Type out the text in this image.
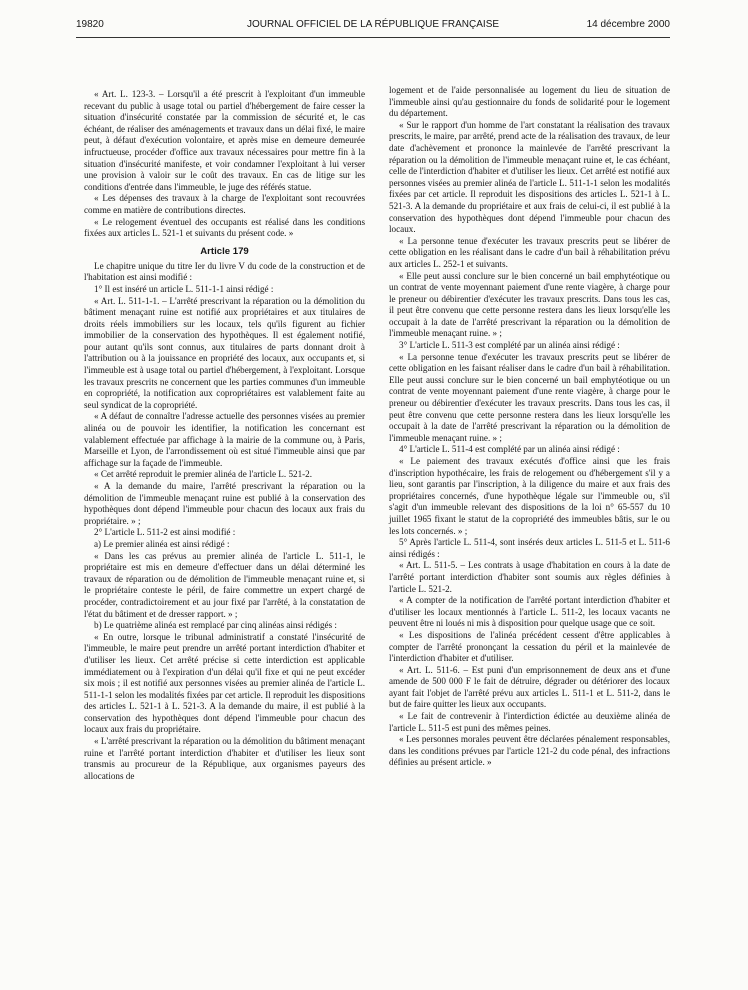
19820	JOURNAL OFFICIEL DE LA RÉPUBLIQUE FRANÇAISE	14 décembre 2000

« Art. L. 123-3. – Lorsqu'il a été prescrit à l'exploitant d'un immeuble recevant du public à usage total ou partiel d'hébergement de faire cesser la situation d'insécurité constatée par la commission de sécurité et, le cas échéant, de réaliser des aménagements et travaux dans un délai fixé, le maire peut, à défaut d'exécution volontaire, et après mise en demeure demeurée infructueuse, procéder d'office aux travaux nécessaires pour mettre fin à la situation d'insécurité manifeste, et voir condamner l'exploitant à lui verser une provision à valoir sur le coût des travaux. En cas de litige sur les conditions d'entrée dans l'immeuble, le juge des référés statue.

« Les dépenses des travaux à la charge de l'exploitant sont recouvrées comme en matière de contributions directes.

« Le relogement éventuel des occupants est réalisé dans les conditions fixées aux articles L. 521-1 et suivants du présent code. »

Article 179

Le chapitre unique du titre Ier du livre V du code de la construction et de l'habitation est ainsi modifié :

1° Il est inséré un article L. 511-1-1 ainsi rédigé :

« Art. L. 511-1-1. – L'arrêté prescrivant la réparation ou la démolition du bâtiment menaçant ruine est notifié aux propriétaires et aux titulaires de droits réels immobiliers sur les locaux, tels qu'ils figurent au fichier immobilier de la conservation des hypothèques. Il est également notifié, pour autant qu'ils sont connus, aux titulaires de parts donnant droit à l'attribution ou à la jouissance en propriété des locaux, aux occupants et, si l'immeuble est à usage total ou partiel d'hébergement, à l'exploitant. Lorsque les travaux prescrits ne concernent que les parties communes d'un immeuble en copropriété, la notification aux copropriétaires est valablement faite au seul syndicat de la copropriété.

« A défaut de connaître l'adresse actuelle des personnes visées au premier alinéa ou de pouvoir les identifier, la notification les concernant est valablement effectuée par affichage à la mairie de la commune ou, à Paris, Marseille et Lyon, de l'arrondissement où est situé l'immeuble ainsi que par affichage sur la façade de l'immeuble.

« Cet arrêté reproduit le premier alinéa de l'article L. 521-2.

« A la demande du maire, l'arrêté prescrivant la réparation ou la démolition de l'immeuble menaçant ruine est publié à la conservation des hypothèques dont dépend l'immeuble pour chacun des locaux aux frais du propriétaire. » ;

2° L'article L. 511-2 est ainsi modifié :

a) Le premier alinéa est ainsi rédigé :

« Dans les cas prévus au premier alinéa de l'article L. 511-1, le propriétaire est mis en demeure d'effectuer dans un délai déterminé les travaux de réparation ou de démolition de l'immeuble menaçant ruine et, si le propriétaire conteste le péril, de faire commettre un expert chargé de procéder, contradictoirement et au jour fixé par l'arrêté, à la constatation de l'état du bâtiment et de dresser rapport. » ;

b) Le quatrième alinéa est remplacé par cinq alinéas ainsi rédigés :

« En outre, lorsque le tribunal administratif a constaté l'insécurité de l'immeuble, le maire peut prendre un arrêté portant interdiction d'habiter et d'utiliser les lieux. Cet arrêté précise si cette interdiction est applicable immédiatement ou à l'expiration d'un délai qu'il fixe et qui ne peut excéder six mois ; il est notifié aux personnes visées au premier alinéa de l'article L. 511-1-1 selon les modalités fixées par cet article. Il reproduit les dispositions des articles L. 521-1 à L. 521-3. A la demande du maire, il est publié à la conservation des hypothèques dont dépend l'immeuble pour chacun des locaux aux frais du propriétaire.

« L'arrêté prescrivant la réparation ou la démolition du bâtiment menaçant ruine et l'arrêté portant interdiction d'habiter et d'utiliser les lieux sont transmis au procureur de la République, aux organismes payeurs des allocations de

logement et de l'aide personnalisée au logement du lieu de situation de l'immeuble ainsi qu'au gestionnaire du fonds de solidarité pour le logement du département.

« Sur le rapport d'un homme de l'art constatant la réalisation des travaux prescrits, le maire, par arrêté, prend acte de la réalisation des travaux, de leur date d'achèvement et prononce la mainlevée de l'arrêté prescrivant la réparation ou la démolition de l'immeuble menaçant ruine et, le cas échéant, celle de l'interdiction d'habiter et d'utiliser les lieux. Cet arrêté est notifié aux personnes visées au premier alinéa de l'article L. 511-1-1 selon les modalités fixées par cet article. Il reproduit les dispositions des articles L. 521-1 à L. 521-3. A la demande du propriétaire et aux frais de celui-ci, il est publié à la conservation des hypothèques dont dépend l'immeuble pour chacun des locaux.

« La personne tenue d'exécuter les travaux prescrits peut se libérer de cette obligation en les réalisant dans le cadre d'un bail à réhabilitation prévu aux articles L. 252-1 et suivants.

« Elle peut aussi conclure sur le bien concerné un bail emphytéotique ou un contrat de vente moyennant paiement d'une rente viagère, à charge pour le preneur ou débirentier d'exécuter les travaux prescrits. Dans tous les cas, il peut être convenu que cette personne restera dans les lieux lorsqu'elle les occupait à la date de l'arrêté prescrivant la réparation ou la démolition de l'immeuble menaçant ruine. » ;

3° L'article L. 511-3 est complété par un alinéa ainsi rédigé :

« La personne tenue d'exécuter les travaux prescrits peut se libérer de cette obligation en les faisant réaliser dans le cadre d'un bail à réhabilitation. Elle peut aussi conclure sur le bien concerné un bail emphytéotique ou un contrat de vente moyennant paiement d'une rente viagère, à charge pour le preneur ou débirentier d'exécuter les travaux prescrits. Dans tous les cas, il peut être convenu que cette personne restera dans les lieux lorsqu'elle les occupait à la date de l'arrêté prescrivant la réparation ou la démolition de l'immeuble menaçant ruine. » ;

4° L'article L. 511-4 est complété par un alinéa ainsi rédigé :

« Le paiement des travaux exécutés d'office ainsi que les frais d'inscription hypothécaire, les frais de relogement ou d'hébergement s'il y a lieu, sont garantis par l'inscription, à la diligence du maire et aux frais des propriétaires concernés, d'une hypothèque légale sur l'immeuble ou, s'il s'agit d'un immeuble relevant des dispositions de la loi n° 65-557 du 10 juillet 1965 fixant le statut de la copropriété des immeubles bâtis, sur le ou les lots concernés. » ;

5° Après l'article L. 511-4, sont insérés deux articles L. 511-5 et L. 511-6 ainsi rédigés :

« Art. L. 511-5. – Les contrats à usage d'habitation en cours à la date de l'arrêté portant interdiction d'habiter sont soumis aux règles définies à l'article L. 521-2.

« A compter de la notification de l'arrêté portant interdiction d'habiter et d'utiliser les locaux mentionnés à l'article L. 511-2, les locaux vacants ne peuvent être ni loués ni mis à disposition pour quelque usage que ce soit.

« Les dispositions de l'alinéa précédent cessent d'être applicables à compter de l'arrêté prononçant la cessation du péril et la mainlevée de l'interdiction d'habiter et d'utiliser.

« Art. L. 511-6. – Est puni d'un emprisonnement de deux ans et d'une amende de 500 000 F le fait de détruire, dégrader ou détériorer des locaux ayant fait l'objet de l'arrêté prévu aux articles L. 511-1 et L. 511-2, dans le but de faire quitter les lieux aux occupants.

« Le fait de contrevenir à l'interdiction édictée au deuxième alinéa de l'article L. 511-5 est puni des mêmes peines.

« Les personnes morales peuvent être déclarées pénalement responsables, dans les conditions prévues par l'article 121-2 du code pénal, des infractions définies au présent article. »
